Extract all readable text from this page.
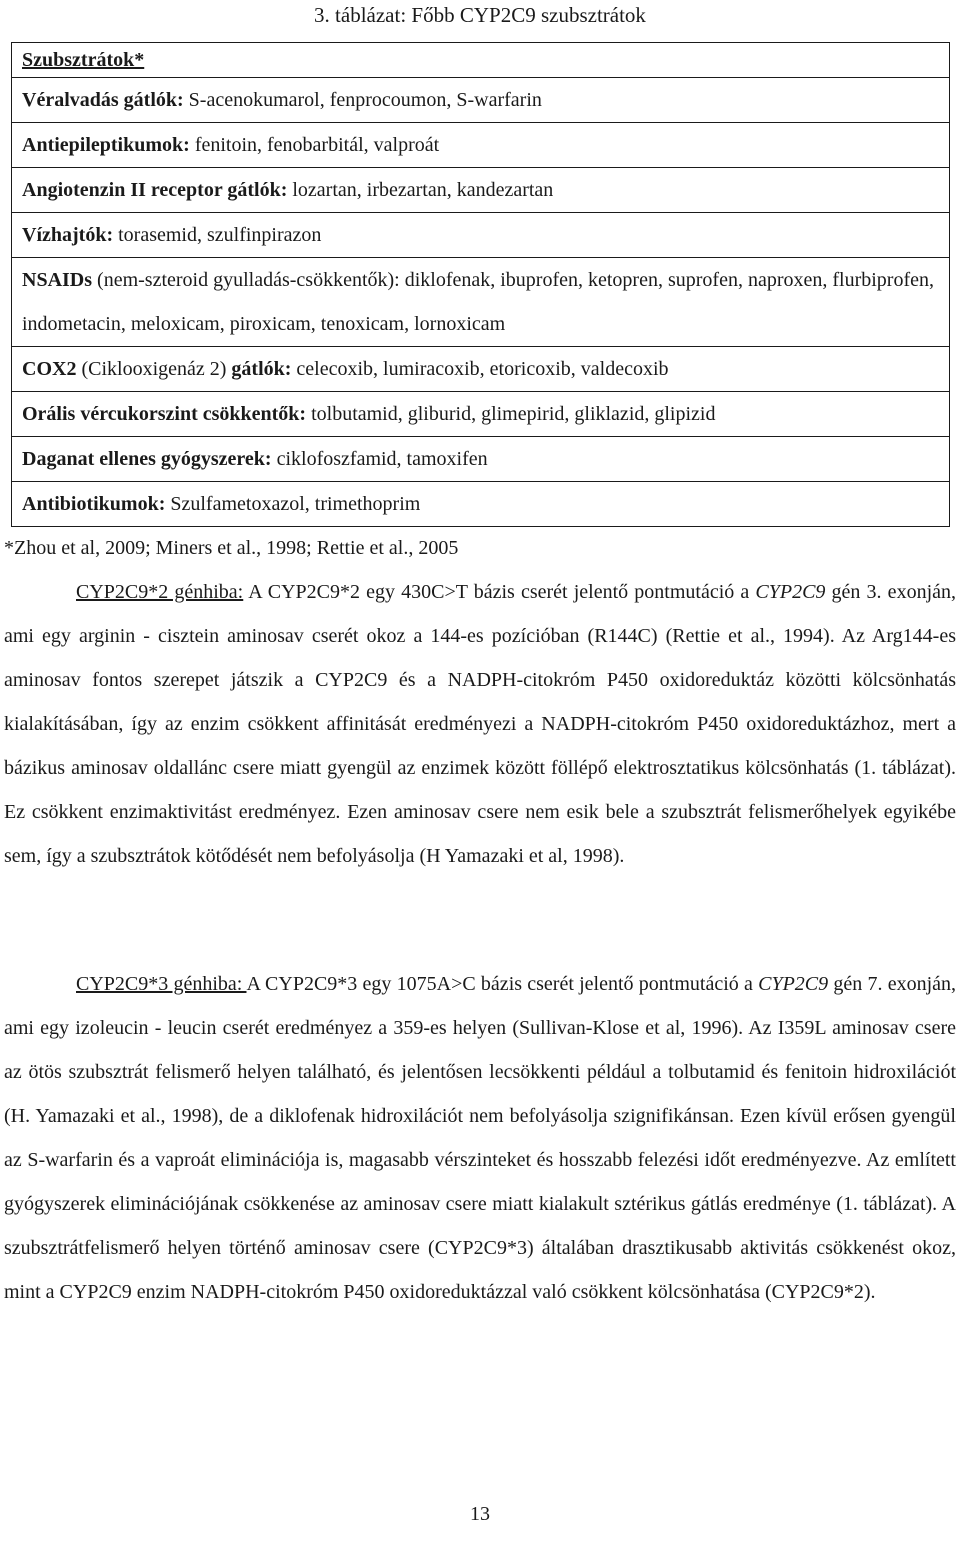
3. táblázat: Főbb CYP2C9 szubsztrátok
Szubsztrátok*
Véralvadás gátlók: S-acenokumarol, fenprocoumon, S-warfarin
Antiepileptikumok: fenitoin, fenobarbitál, valproát
Angiotenzin II receptor gátlók: lozartan, irbezartan, kandezartan
Vízhajtók: torasemid, szulfinpirazon
NSAIDs (nem-szteroid gyulladás-csökkentők): diklofenak, ibuprofen, ketopren, suprofen, naproxen, flurbiprofen, indometacin, meloxicam, piroxicam, tenoxicam, lornoxicam
COX2 (Ciklooxigenáz 2) gátlók: celecoxib, lumiracoxib, etoricoxib, valdecoxib
Orális vércukorszint csökkentők: tolbutamid, gliburid, glimepirid, gliklazid, glipizid
Daganat ellenes gyógyszerek: ciklofoszfamid, tamoxifen
Antibiotikumok: Szulfametoxazol, trimethoprim
*Zhou et al, 2009; Miners et al., 1998; Rettie et al., 2005

CYP2C9*2 génhiba: A CYP2C9*2 egy 430C>T bázis cserét jelentő pontmutáció a CYP2C9 gén 3. exonján, ami egy arginin - cisztein aminosav cserét okoz a 144-es pozícióban (R144C) (Rettie et al., 1994). Az Arg144-es aminosav fontos szerepet játszik a CYP2C9 és a NADPH-citokróm P450 oxidoreduktáz közötti kölcsönhatás kialakításában, így az enzim csökkent affinitását eredményezi a NADPH-citokróm P450 oxidoreduktázhoz, mert a bázikus aminosav oldallánc csere miatt gyengül az enzimek között föllépő elektrosztatikus kölcsönhatás (1. táblázat). Ez csökkent enzimaktivitást eredményez. Ezen aminosav csere nem esik bele a szubsztrát felismerőhelyek egyikébe sem, így a szubsztrátok kötődését nem befolyásolja (H Yamazaki et al, 1998).

CYP2C9*3 génhiba: A CYP2C9*3 egy 1075A>C bázis cserét jelentő pontmutáció a CYP2C9 gén 7. exonján, ami egy izoleucin - leucin cserét eredményez a 359-es helyen (Sullivan-Klose et al, 1996). Az I359L aminosav csere az ötös szubsztrát felismerő helyen található, és jelentősen lecsökkenti például a tolbutamid és fenitoin hidroxilációt (H. Yamazaki et al., 1998), de a diklofenak hidroxilációt nem befolyásolja szignifikánsan. Ezen kívül erősen gyengül az S-warfarin és a vaproát eliminációja is, magasabb vérszinteket és hosszabb felezési időt eredményezve. Az említett gyógyszerek eliminációjának csökkenése az aminosav csere miatt kialakult sztérikus gátlás eredménye (1. táblázat). A szubsztrátfelismerő helyen történő aminosav csere (CYP2C9*3) általában drasztikusabb aktivitás csökkenést okoz, mint a CYP2C9 enzim NADPH-citokróm P450 oxidoreduktázzal való csökkent kölcsönhatása (CYP2C9*2).

13
